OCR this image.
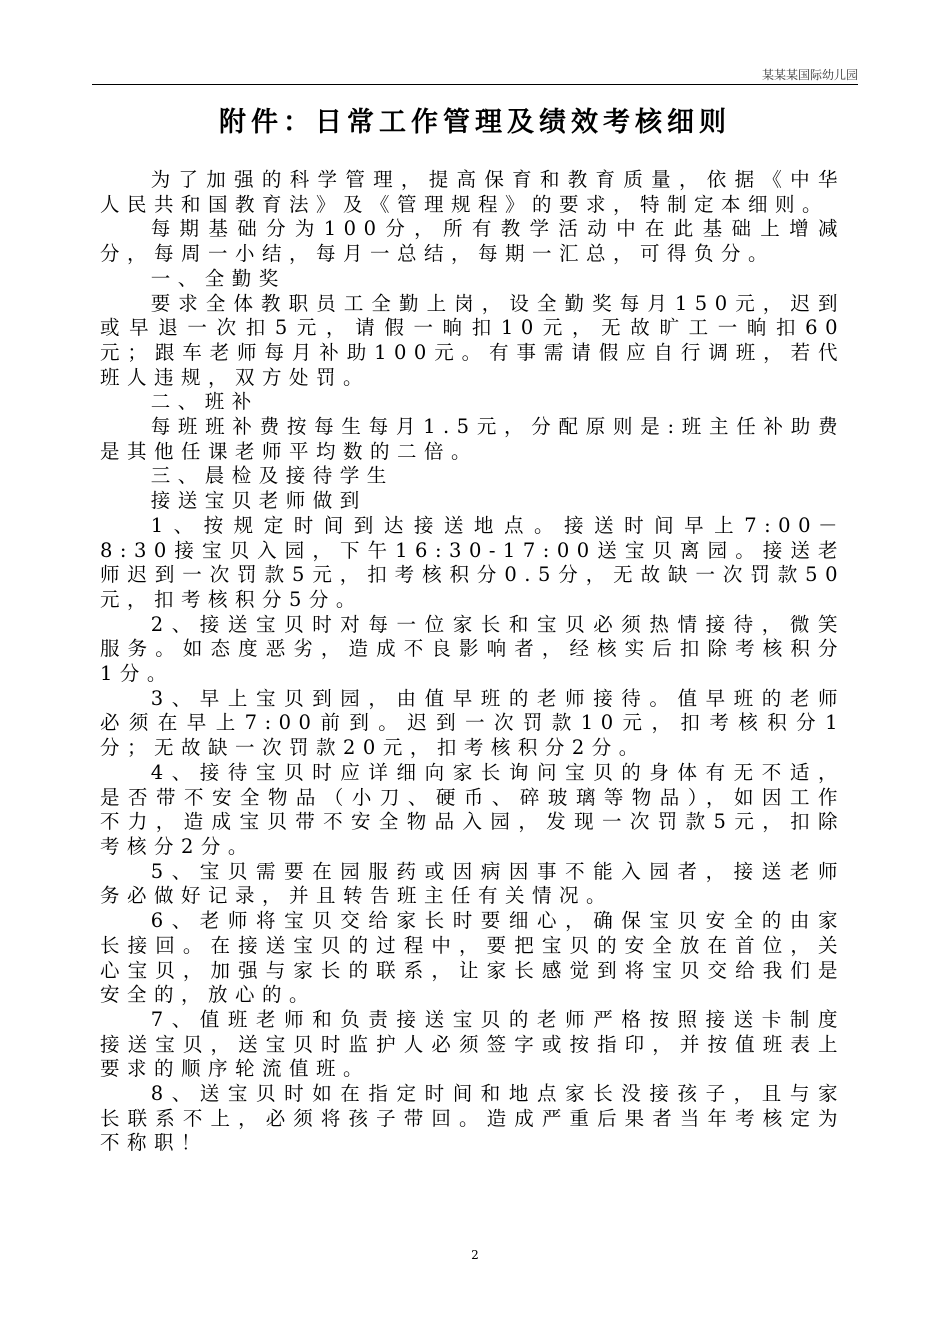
某某某国际幼儿园
附件：日常工作管理及绩效考核细则

为了加强的科学管理，提高保育和教育质量，依据《中华人民共和国教育法》及《管理规程》的要求，特制定本细则。

每期基础分为100分，所有教学活动中在此基础上增减分，每周一小结，每月一总结，每期一汇总，可得负分。

一、全勤奖

要求全体教职员工全勤上岗，设全勤奖每月150元，迟到或早退一次扣5元，请假一晌扣10元，无故旷工一晌扣60元；跟车老师每月补助100元。有事需请假应自行调班，若代班人违规，双方处罚。

二、班补

每班班补费按每生每月1.5元，分配原则是:班主任补助费是其他任课老师平均数的二倍。

三、晨检及接待学生

接送宝贝老师做到

1、按规定时间到达接送地点。接送时间早上7:00－8:30接宝贝入园，下午16:30-17:00送宝贝离园。接送老师迟到一次罚款5元，扣考核积分0.5分，无故缺一次罚款50元，扣考核积分5分。

2、接送宝贝时对每一位家长和宝贝必须热情接待，微笑服务。如态度恶劣，造成不良影响者，经核实后扣除考核积分1分。

3、早上宝贝到园，由值早班的老师接待。值早班的老师必须在早上7:00前到。迟到一次罚款10元，扣考核积分1分；无故缺一次罚款20元，扣考核积分2分。

4、接待宝贝时应详细向家长询问宝贝的身体有无不适，是否带不安全物品（小刀、硬币、碎玻璃等物品），如因工作不力，造成宝贝带不安全物品入园，发现一次罚款5元，扣除考核分2分。

5、宝贝需要在园服药或因病因事不能入园者，接送老师务必做好记录，并且转告班主任有关情况。

6、老师将宝贝交给家长时要细心，确保宝贝安全的由家长接回。在接送宝贝的过程中，要把宝贝的安全放在首位，关心宝贝，加强与家长的联系，让家长感觉到将宝贝交给我们是安全的，放心的。

7、值班老师和负责接送宝贝的老师严格按照接送卡制度接送宝贝，送宝贝时监护人必须签字或按指印，并按值班表上要求的顺序轮流值班。

8、送宝贝时如在指定时间和地点家长没接孩子，且与家长联系不上，必须将孩子带回。造成严重后果者当年考核定为不称职！

2
